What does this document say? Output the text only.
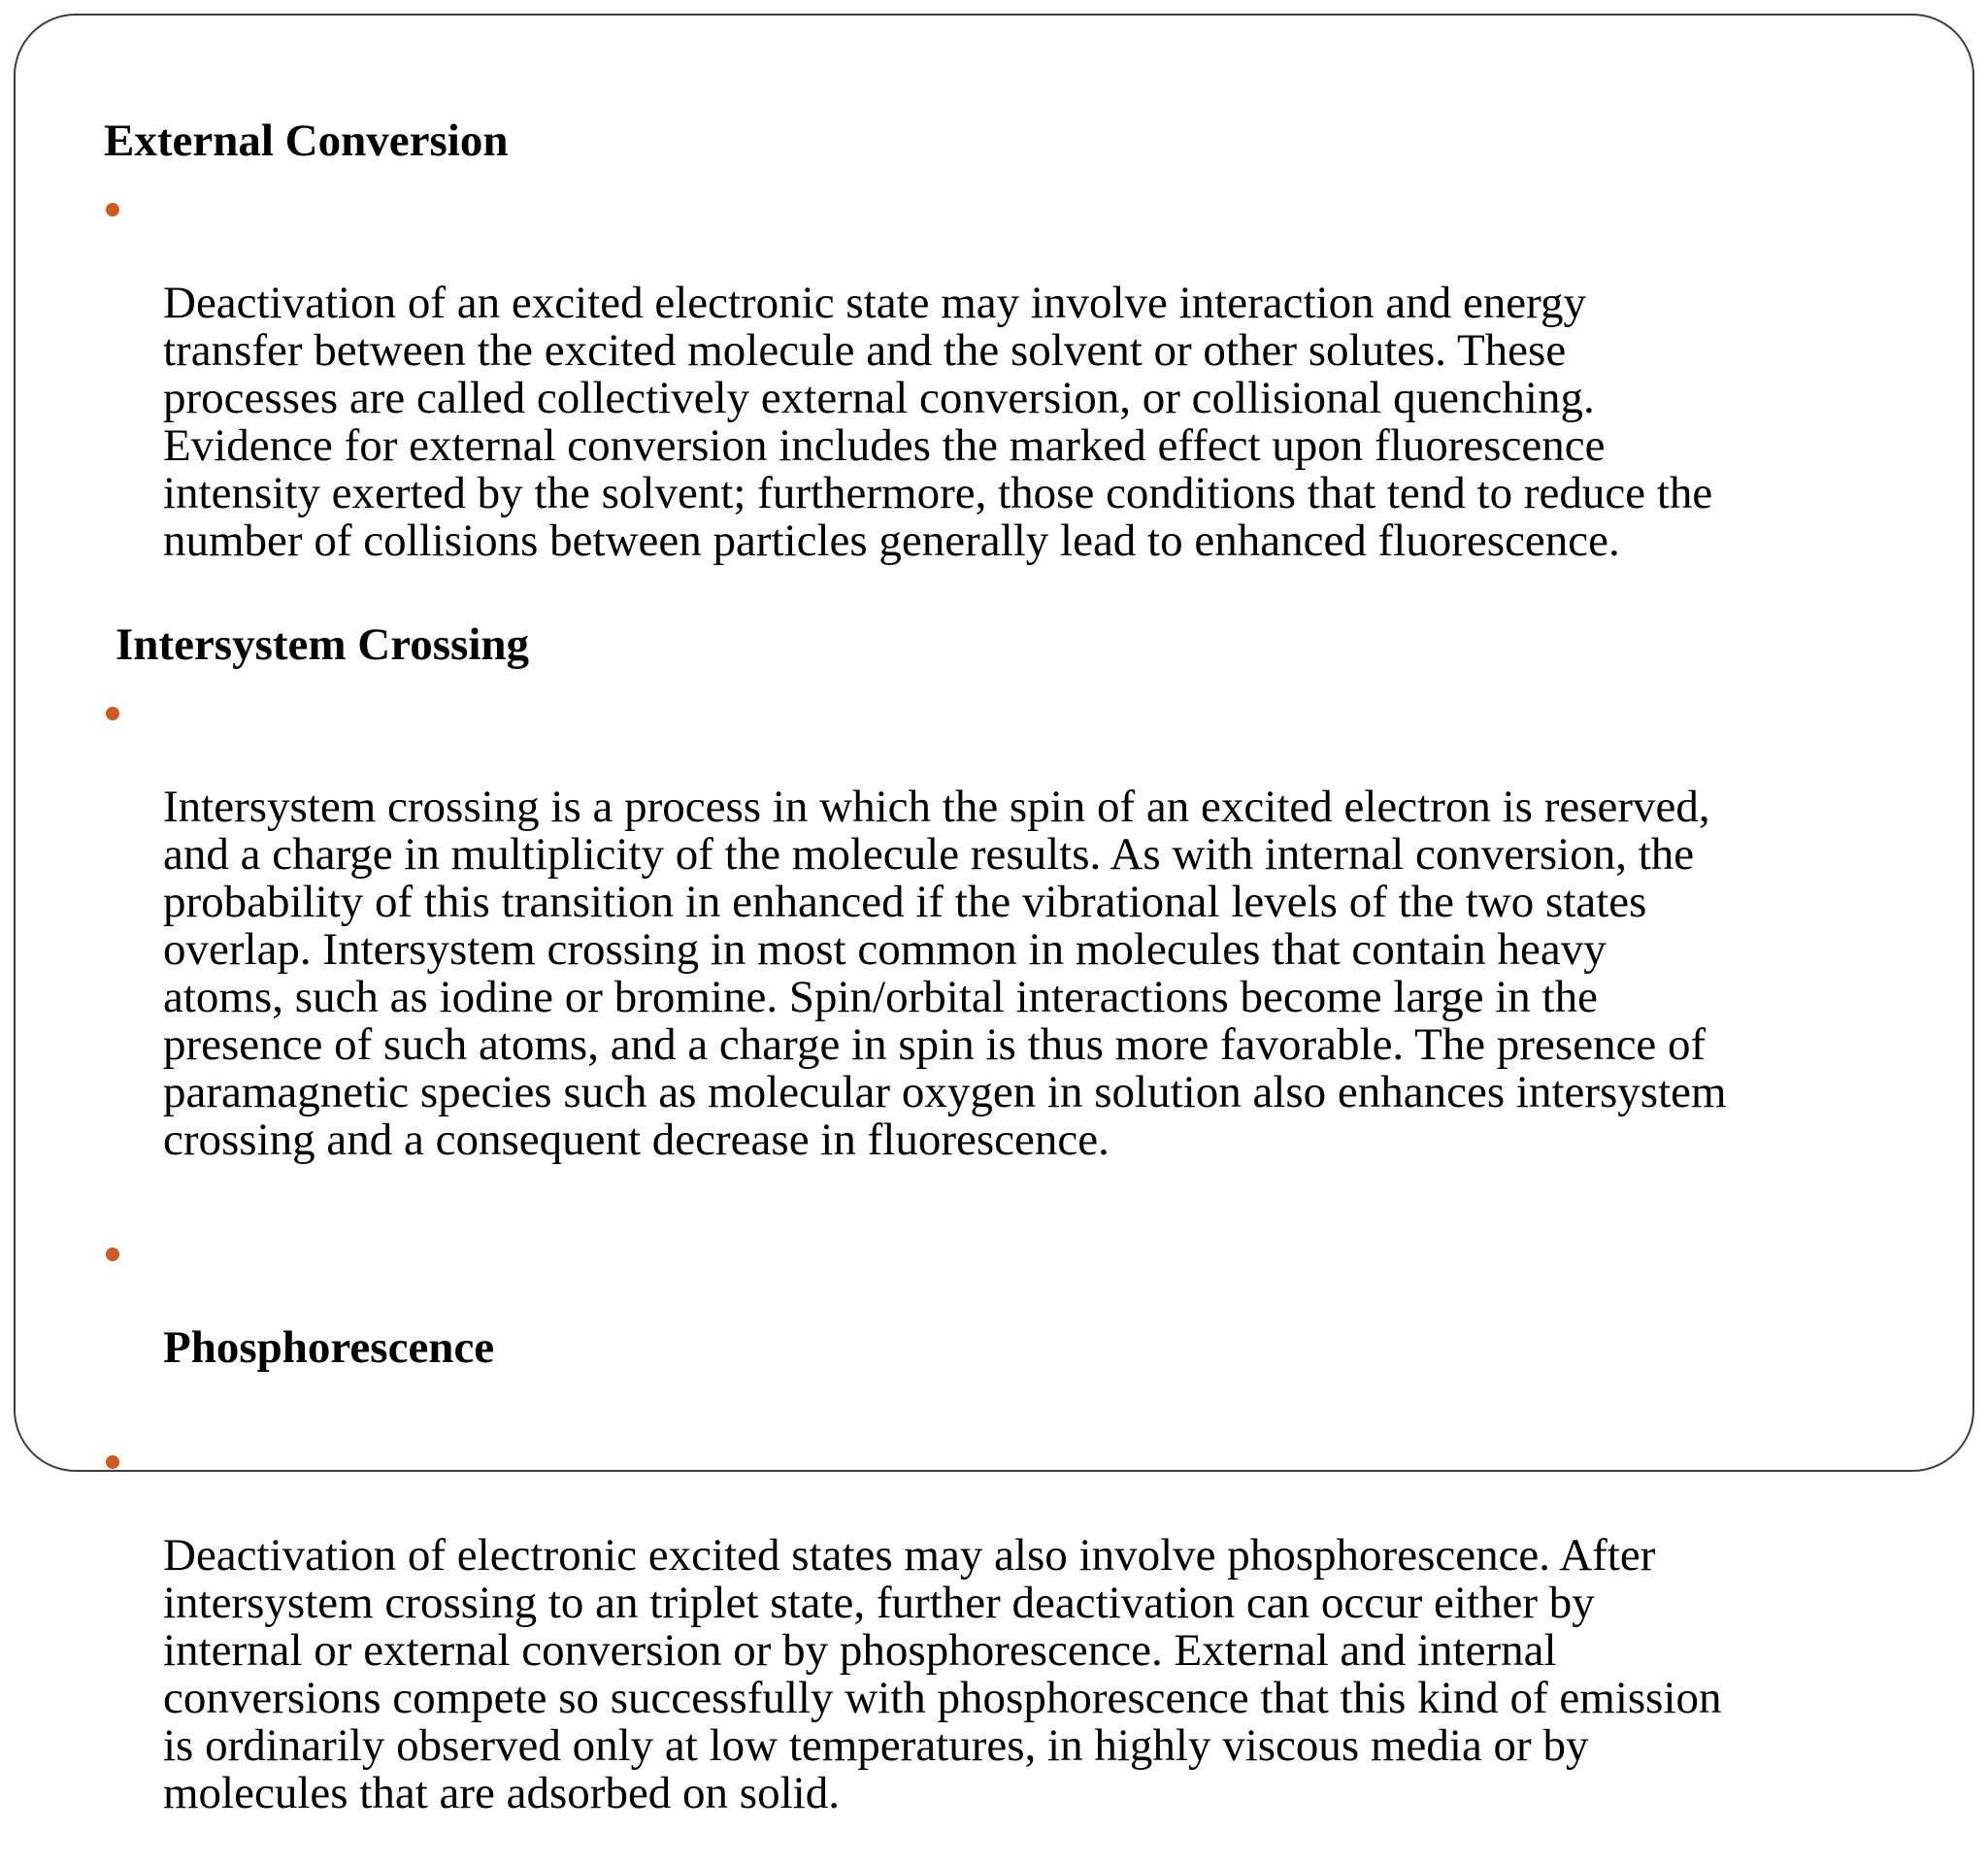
External Conversion

Deactivation of an excited electronic state may involve interaction and energy
transfer between the excited molecule and the solvent or other solutes. These
processes are called collectively external conversion, or collisional quenching.
Evidence for external conversion includes the marked effect upon fluorescence
intensity exerted by the solvent; furthermore, those conditions that tend to reduce the
number of collisions between particles generally lead to enhanced fluorescence.

Intersystem Crossing

Intersystem crossing is a process in which the spin of an excited electron is reserved,
and a charge in multiplicity of the molecule results. As with internal conversion, the
probability of this transition in enhanced if the vibrational levels of the two states
overlap. Intersystem crossing in most common in molecules that contain heavy
atoms, such as iodine or bromine. Spin/orbital interactions become large in the
presence of such atoms, and a charge in spin is thus more favorable. The presence of
paramagnetic species such as molecular oxygen in solution also enhances intersystem
crossing and a consequent decrease in fluorescence.

Phosphorescence

Deactivation of electronic excited states may also involve phosphorescence. After
intersystem crossing to an triplet state, further deactivation can occur either by
internal or external conversion or by phosphorescence. External and internal
conversions compete so successfully with phosphorescence that this kind of emission
is ordinarily observed only at low temperatures, in highly viscous media or by
molecules that are adsorbed on solid.
